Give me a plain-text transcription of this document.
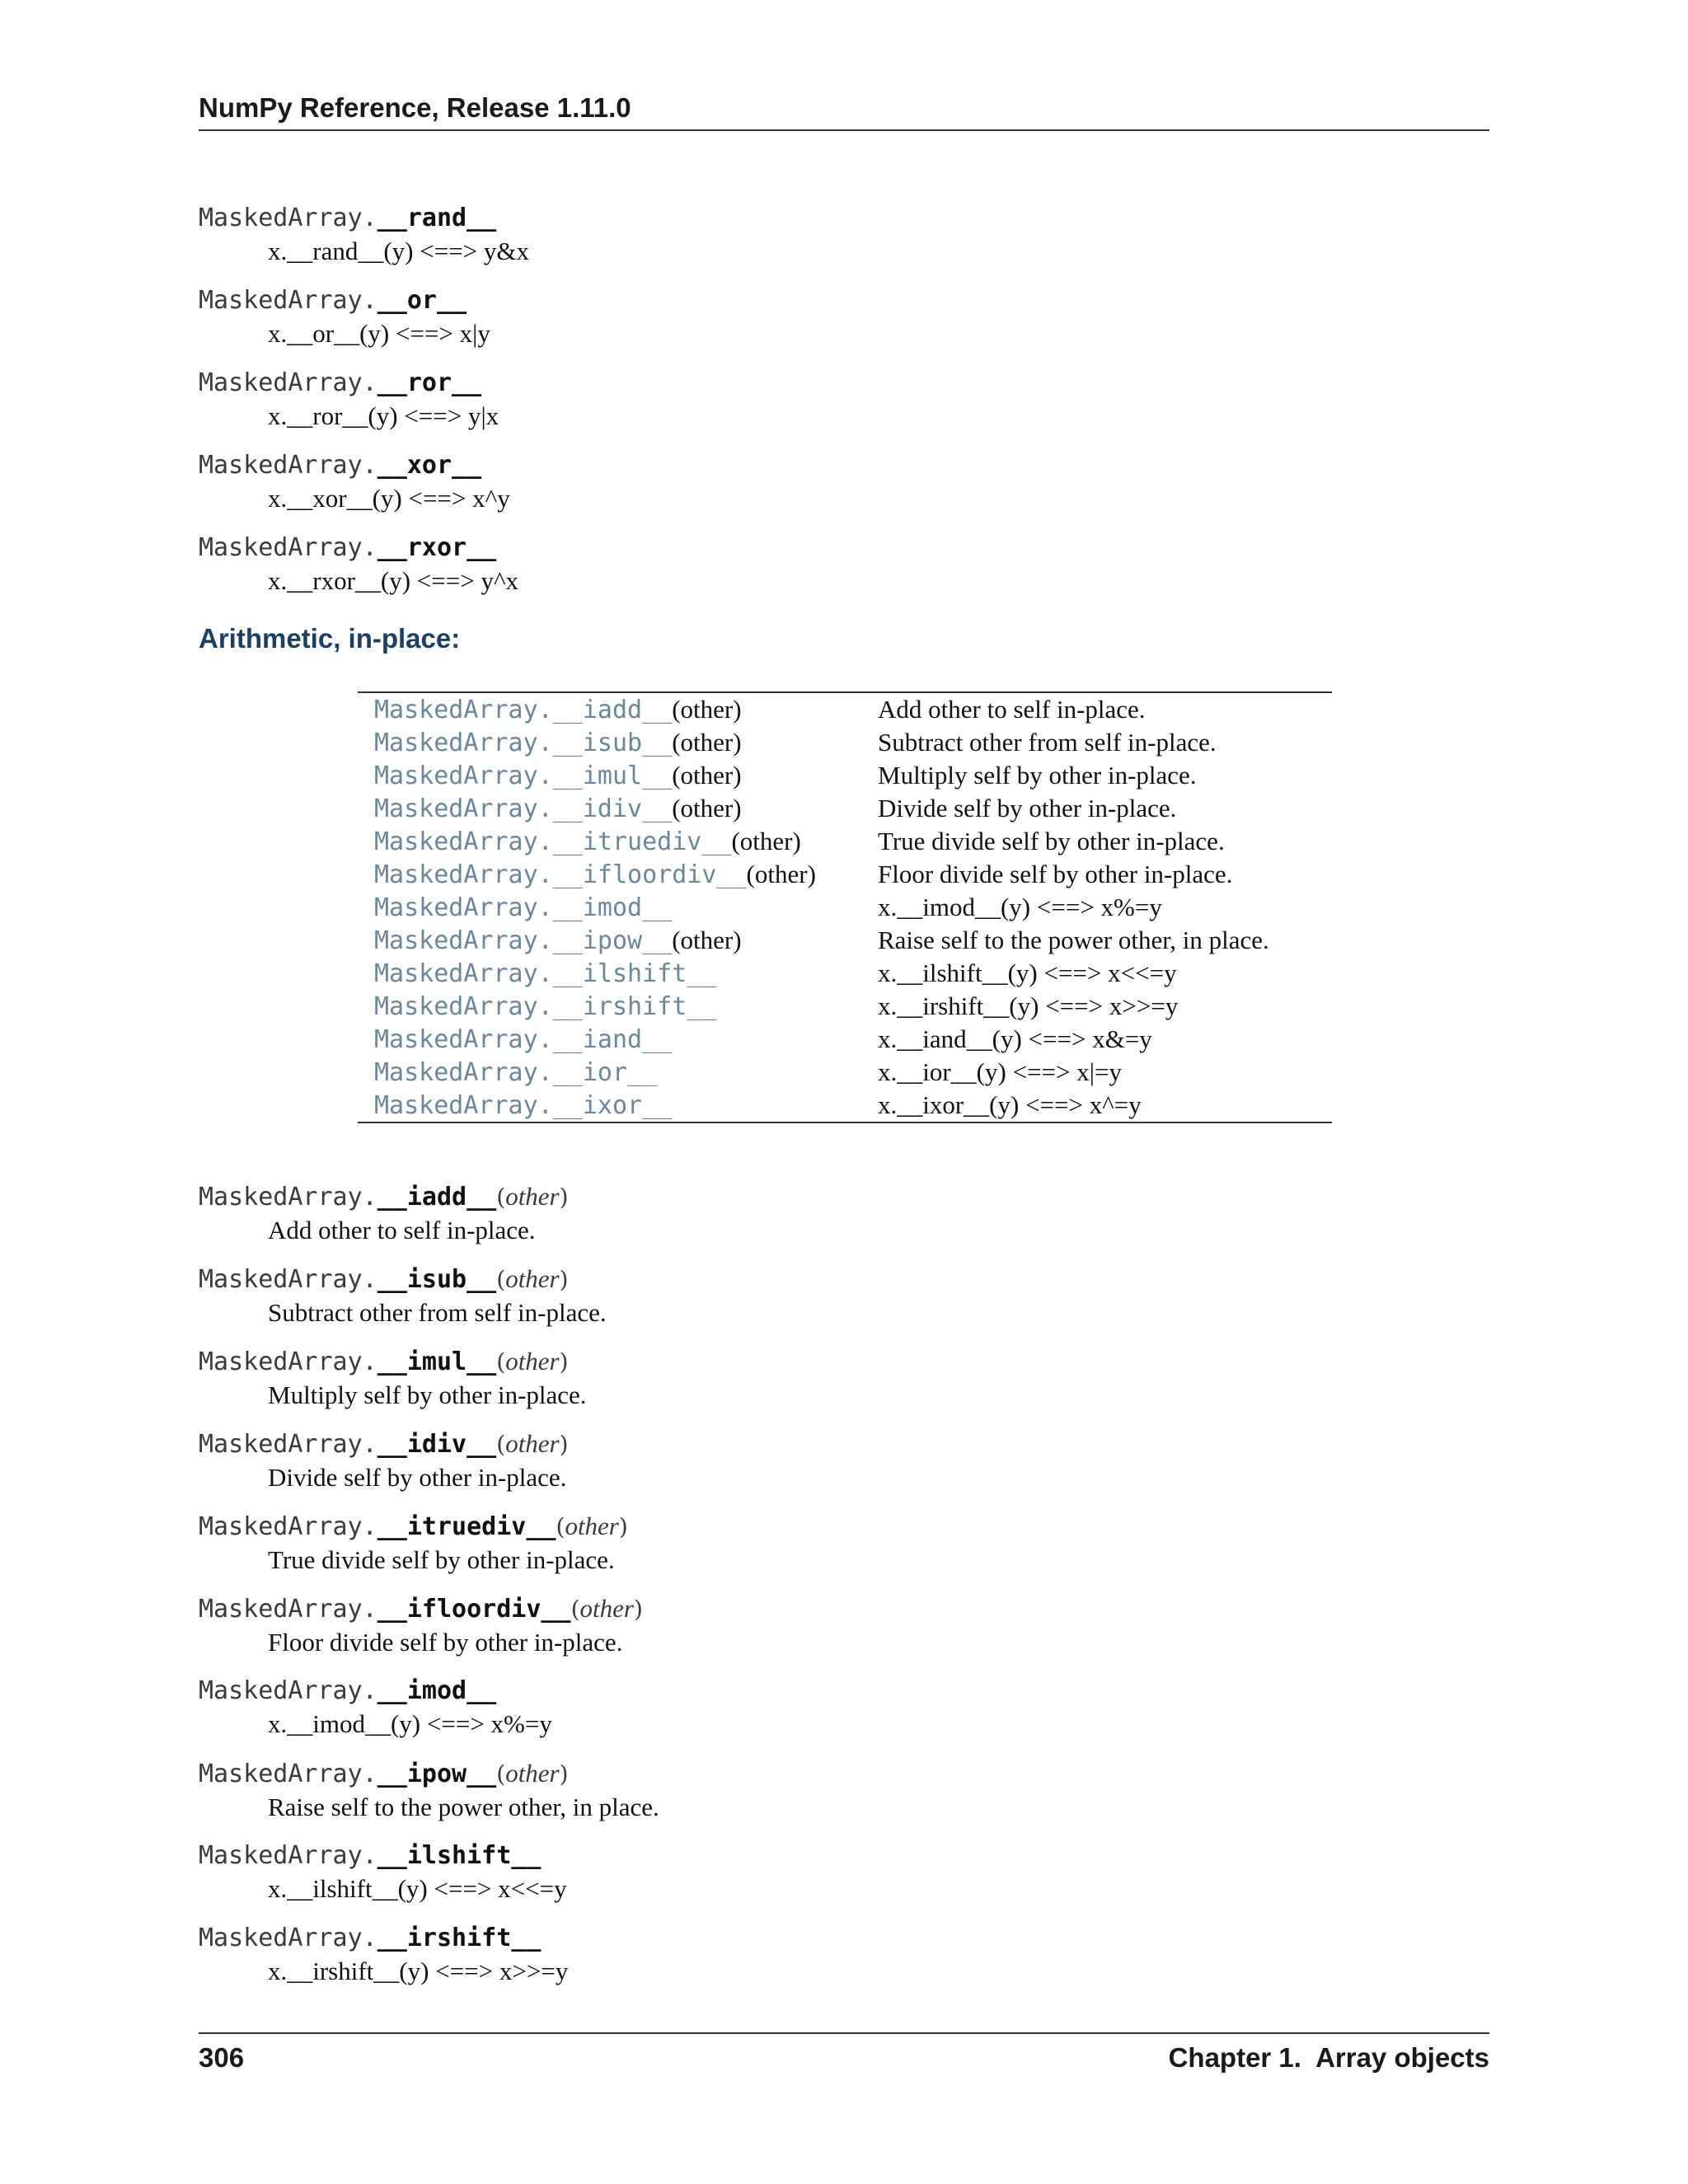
NumPy Reference, Release 1.11.0
MaskedArray.__rand__
x.__rand__(y) <==> y&x
MaskedArray.__or__
x.__or__(y) <==> x|y
MaskedArray.__ror__
x.__ror__(y) <==> y|x
MaskedArray.__xor__
x.__xor__(y) <==> x^y
MaskedArray.__rxor__
x.__rxor__(y) <==> y^x
Arithmetic, in-place:
MaskedArray.__iadd__(other)	Add other to self in-place.
MaskedArray.__isub__(other)	Subtract other from self in-place.
MaskedArray.__imul__(other)	Multiply self by other in-place.
MaskedArray.__idiv__(other)	Divide self by other in-place.
MaskedArray.__itruediv__(other)	True divide self by other in-place.
MaskedArray.__ifloordiv__(other)	Floor divide self by other in-place.
MaskedArray.__imod__	x.__imod__(y) <==> x%=y
MaskedArray.__ipow__(other)	Raise self to the power other, in place.
MaskedArray.__ilshift__	x.__ilshift__(y) <==> x<<=y
MaskedArray.__irshift__	x.__irshift__(y) <==> x>>=y
MaskedArray.__iand__	x.__iand__(y) <==> x&=y
MaskedArray.__ior__	x.__ior__(y) <==> x|=y
MaskedArray.__ixor__	x.__ixor__(y) <==> x^=y
MaskedArray.__iadd__(other)
Add other to self in-place.
MaskedArray.__isub__(other)
Subtract other from self in-place.
MaskedArray.__imul__(other)
Multiply self by other in-place.
MaskedArray.__idiv__(other)
Divide self by other in-place.
MaskedArray.__itruediv__(other)
True divide self by other in-place.
MaskedArray.__ifloordiv__(other)
Floor divide self by other in-place.
MaskedArray.__imod__
x.__imod__(y) <==> x%=y
MaskedArray.__ipow__(other)
Raise self to the power other, in place.
MaskedArray.__ilshift__
x.__ilshift__(y) <==> x<<=y
MaskedArray.__irshift__
x.__irshift__(y) <==> x>>=y
306	Chapter 1.  Array objects
